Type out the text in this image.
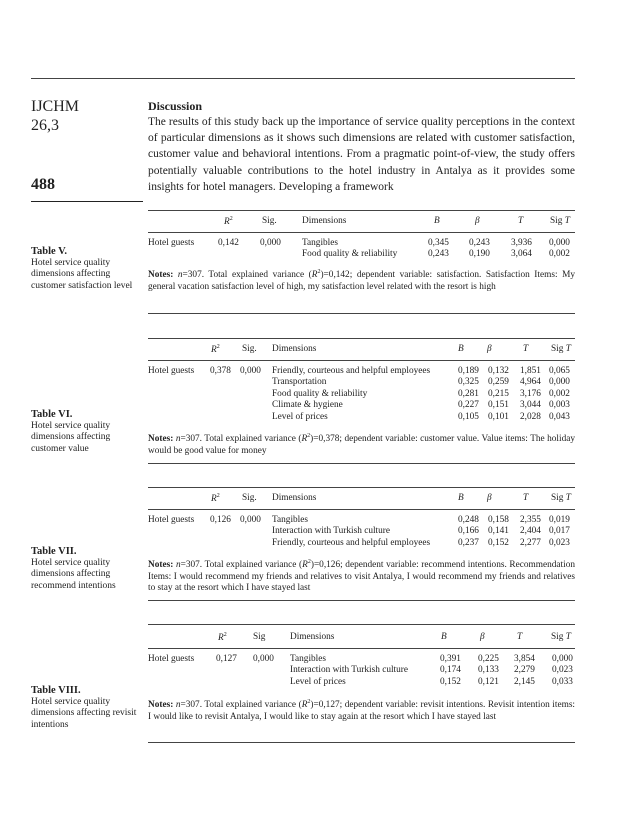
IJCHM
26,3
488
Discussion
The results of this study back up the importance of service quality perceptions in the context of particular dimensions as it shows such dimensions are related with customer satisfaction, customer value and behavioral intentions. From a pragmatic point-of-view, the study offers potentially valuable contributions to the hotel industry in Antalya as it provides some insights for hotel managers. Developing a framework
Table V.
Hotel service quality dimensions affecting customer satisfaction level
$R^2$	Sig.	Dimensions	B	β	T	Sig T
Hotel guests	0,142 0,000 Tangibles	0,345 0,243 3,936 0,000
Food quality & reliability	0,243 0,190 3,064 0,002
Notes: n=307. Total explained variance $(R^2)=0,142$; dependent variable: satisfaction. Satisfaction Items: My general vacation satisfaction level of high, my satisfaction level related with the resort is high
Table VI.
Hotel service quality dimensions affecting customer value
$R^2$ Sig. Dimensions	B	β	T Sig T
Hotel guests 0,378 0,000 Friendly, courteous and helpful employees	0,189 0,132 1,851 0,065
Transportation	0,325 0,259 4,964 0,000
Food quality & reliability	0,281 0,215 3,176 0,002
Climate & hygiene	0,227 0,151 3,044 0,003
Level of prices	0,105 0,101 2,028 0,043
Notes: n=307. Total explained variance $(R^2)=0,378$; dependent variable: customer value. Value items: The holiday would be good value for money
Table VII.
Hotel service quality dimensions affecting recommend intentions
$R^2$ Sig. Dimensions	B	β	T Sig T
Hotel guests 0,126 0,000 Tangibles	0,248 0,158 2,355 0,019
Interaction with Turkish culture	0,166 0,141 2,404 0,017
Friendly, courteous and helpful employees	0,237 0,152 2,277 0,023
Notes: n=307. Total explained variance $(R^2)=0,126$; dependent variable: recommend intentions. Recommendation Items: I would recommend my friends and relatives to visit Antalya, I would recommend my friends and relatives to stay at the resort which I have stayed last
Table VIII.
Hotel service quality dimensions affecting revisit intentions
$R^2$	Sig	Dimensions	B	β	T	Sig T
Hotel guests 0,127 0,000 Tangibles	0,391 0,225 3,854 0,000
Interaction with Turkish culture	0,174 0,133 2,279 0,023
Level of prices	0,152 0,121 2,145 0,033
Notes: n=307. Total explained variance $(R^2)=0,127$; dependent variable: revisit intentions. Revisit intention items: I would like to revisit Antalya, I would like to stay again at the resort which I have stayed last
